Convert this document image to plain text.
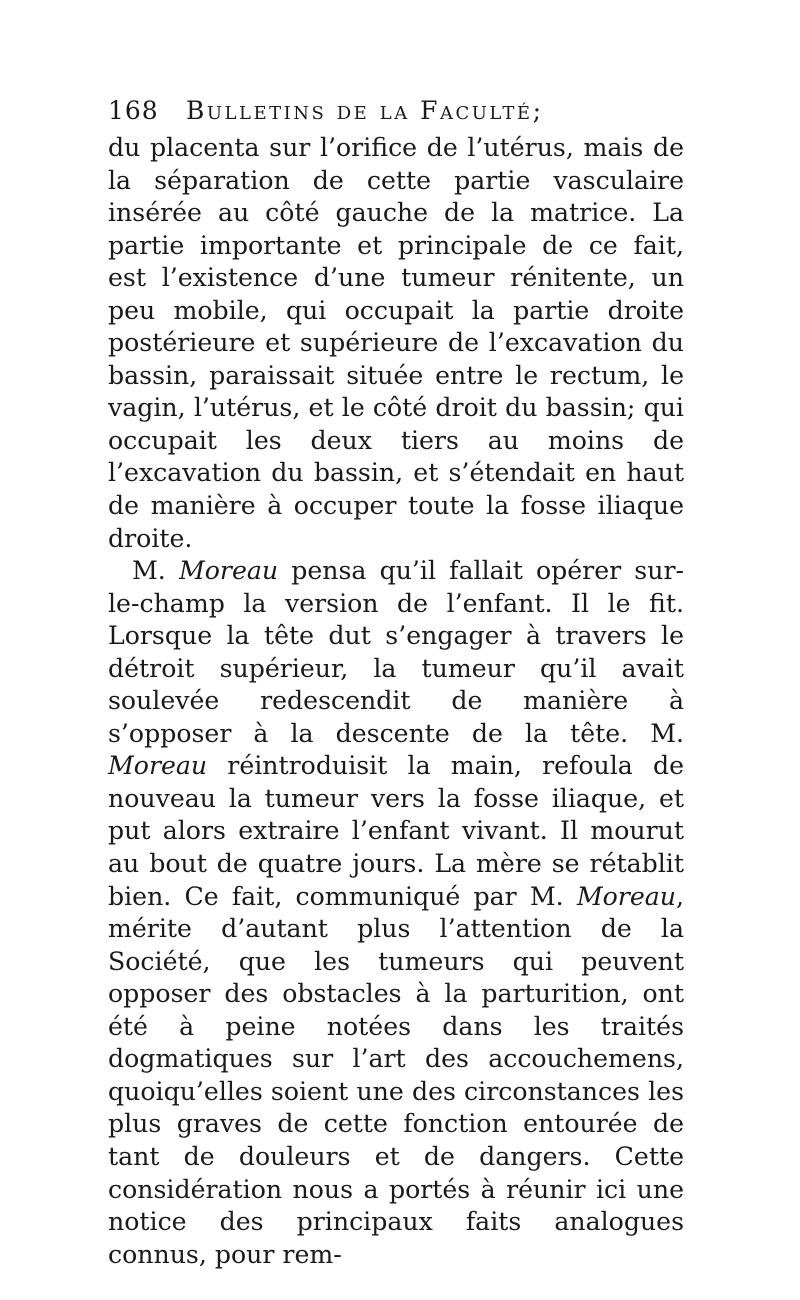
168	Bulletins de la Faculté;

du placenta sur l’orifice de l’utérus, mais de la séparation de cette partie vasculaire insérée au côté gauche de la matrice. La partie importante et principale de ce fait, est l’existence d’une tumeur rénitente, un peu mobile, qui occupait la partie droite postérieure et supérieure de l’excavation du bassin, paraissait située entre le rectum, le vagin, l’utérus, et le côté droit du bassin; qui occupait les deux tiers au moins de l’excavation du bassin, et s’étendait en haut de manière à occuper toute la fosse iliaque droite.

M. Moreau pensa qu’il fallait opérer sur-le-champ la version de l’enfant. Il le fit. Lorsque la tête dut s’engager à travers le détroit supérieur, la tumeur qu’il avait soulevée redescendit de manière à s’opposer à la descente de la tête. M. Moreau réintroduisit la main, refoula de nouveau la tumeur vers la fosse iliaque, et put alors extraire l’enfant vivant. Il mourut au bout de quatre jours. La mère se rétablit bien. Ce fait, communiqué par M. Moreau, mérite d’autant plus l’attention de la Société, que les tumeurs qui peuvent opposer des obstacles à la parturition, ont été à peine notées dans les traités dogmatiques sur l’art des accouchemens, quoiqu’elles soient une des circonstances les plus graves de cette fonction entourée de tant de douleurs et de dangers. Cette considération nous a portés à réunir ici une notice des principaux faits analogues connus, pour rem-
